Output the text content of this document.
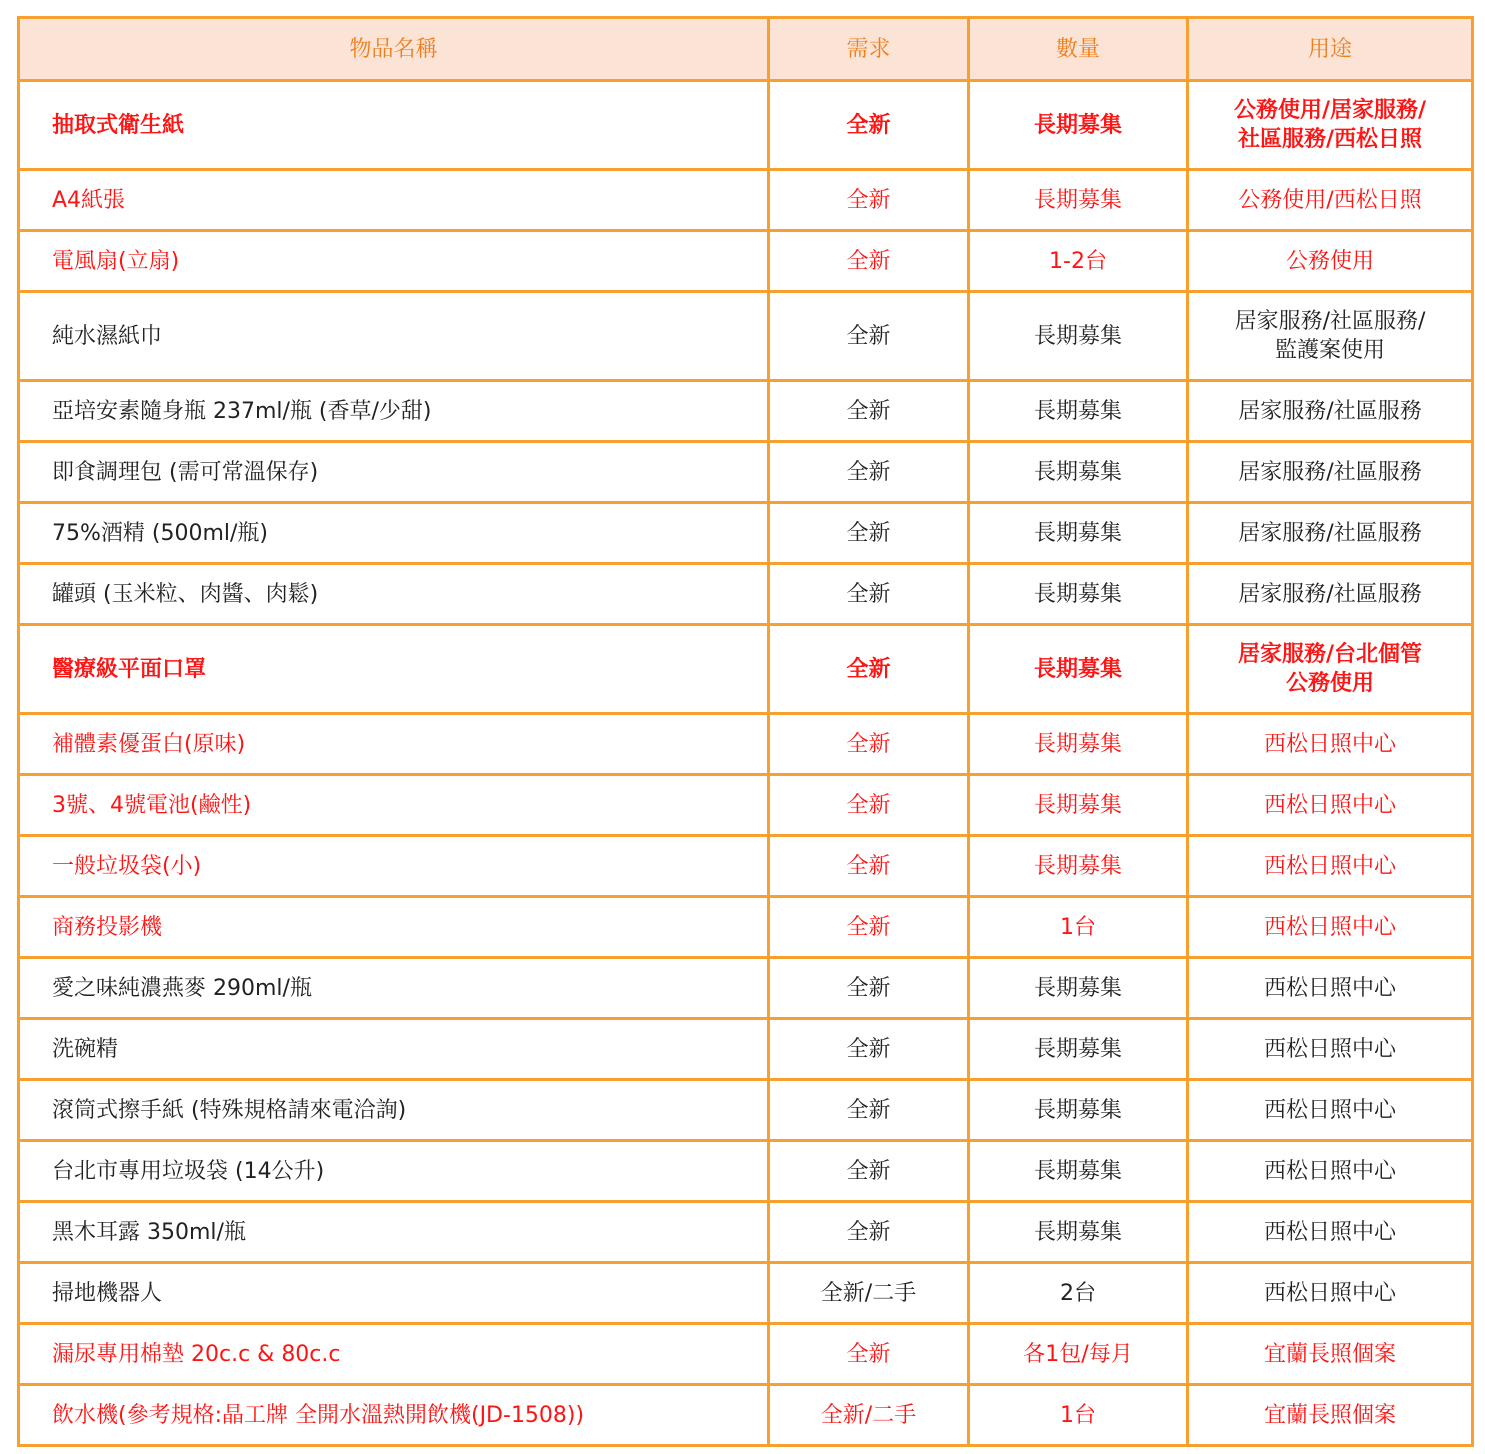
物品名稱	需求	數量	用途
抽取式衛生紙	全新	長期募集	公務使用/居家服務/
社區服務/西松日照
A4紙張	全新	長期募集	公務使用/西松日照
電風扇(立扇)	全新	1-2台	公務使用
純水濕紙巾	全新	長期募集	居家服務/社區服務/
監護案使用
亞培安素隨身瓶 237ml/瓶 (香草/少甜)	全新	長期募集	居家服務/社區服務
即食調理包 (需可常溫保存)	全新	長期募集	居家服務/社區服務
75%酒精 (500ml/瓶)	全新	長期募集	居家服務/社區服務
罐頭 (玉米粒、肉醬、肉鬆)	全新	長期募集	居家服務/社區服務
醫療級平面口罩	全新	長期募集	居家服務/台北個管
公務使用
補體素優蛋白(原味)	全新	長期募集	西松日照中心
3號、4號電池(鹼性)	全新	長期募集	西松日照中心
一般垃圾袋(小)	全新	長期募集	西松日照中心
商務投影機	全新	1台	西松日照中心
愛之味純濃燕麥 290ml/瓶	全新	長期募集	西松日照中心
洗碗精	全新	長期募集	西松日照中心
滾筒式擦手紙 (特殊規格請來電洽詢)	全新	長期募集	西松日照中心
台北市專用垃圾袋 (14公升)	全新	長期募集	西松日照中心
黑木耳露 350ml/瓶	全新	長期募集	西松日照中心
掃地機器人	全新/二手	2台	西松日照中心
漏尿專用棉墊 20c.c & 80c.c	全新	各1包/每月	宜蘭長照個案
飲水機(參考規格:晶工牌 全開水溫熱開飲機(JD-1508))	全新/二手	1台	宜蘭長照個案
